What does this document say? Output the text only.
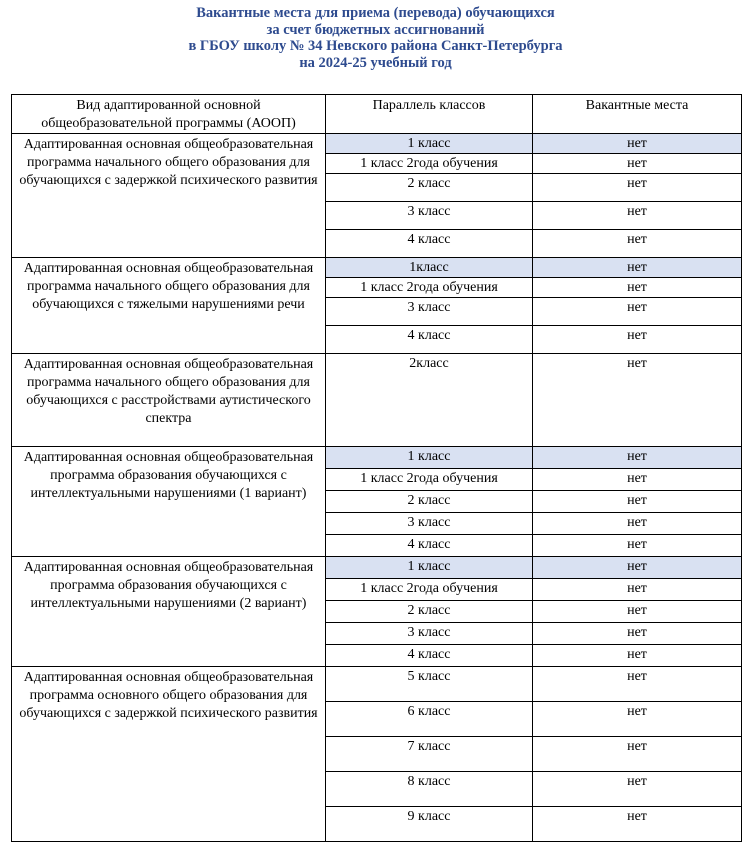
Вакантные места для приема (перевода) обучающихся
за счет бюджетных ассигнований
в ГБОУ школу № 34 Невского района Санкт-Петербурга
на 2024-25 учебный год
Вид адаптированной основной общеобразовательной программы (АООП)	Параллель классов	Вакантные места
Адаптированная основная общеобразовательная программа начального общего образования для обучающихся с задержкой психического развития	1 класс	нет
	1 класс 2года обучения	нет
	2 класс	нет
	3 класс	нет
	4 класс	нет
Адаптированная основная общеобразовательная программа начального общего образования для обучающихся с тяжелыми нарушениями речи	1класс	нет
	1 класс 2года обучения	нет
	3 класс	нет
	4 класс	нет
Адаптированная основная общеобразовательная программа начального общего образования для обучающихся с расстройствами аутистического спектра	2класс	нет
Адаптированная основная общеобразовательная программа образования обучающихся с интеллектуальными нарушениями (1 вариант)	1 класс	нет
	1 класс 2года обучения	нет
	2 класс	нет
	3 класс	нет
	4 класс	нет
Адаптированная основная общеобразовательная программа образования обучающихся с интеллектуальными нарушениями (2 вариант)	1 класс	нет
	1 класс 2года обучения	нет
	2 класс	нет
	3 класс	нет
	4 класс	нет
Адаптированная основная общеобразовательная программа основного общего образования для обучающихся с задержкой психического развития	5 класс	нет
	6 класс	нет
	7 класс	нет
	8 класс	нет
	9 класс	нет
